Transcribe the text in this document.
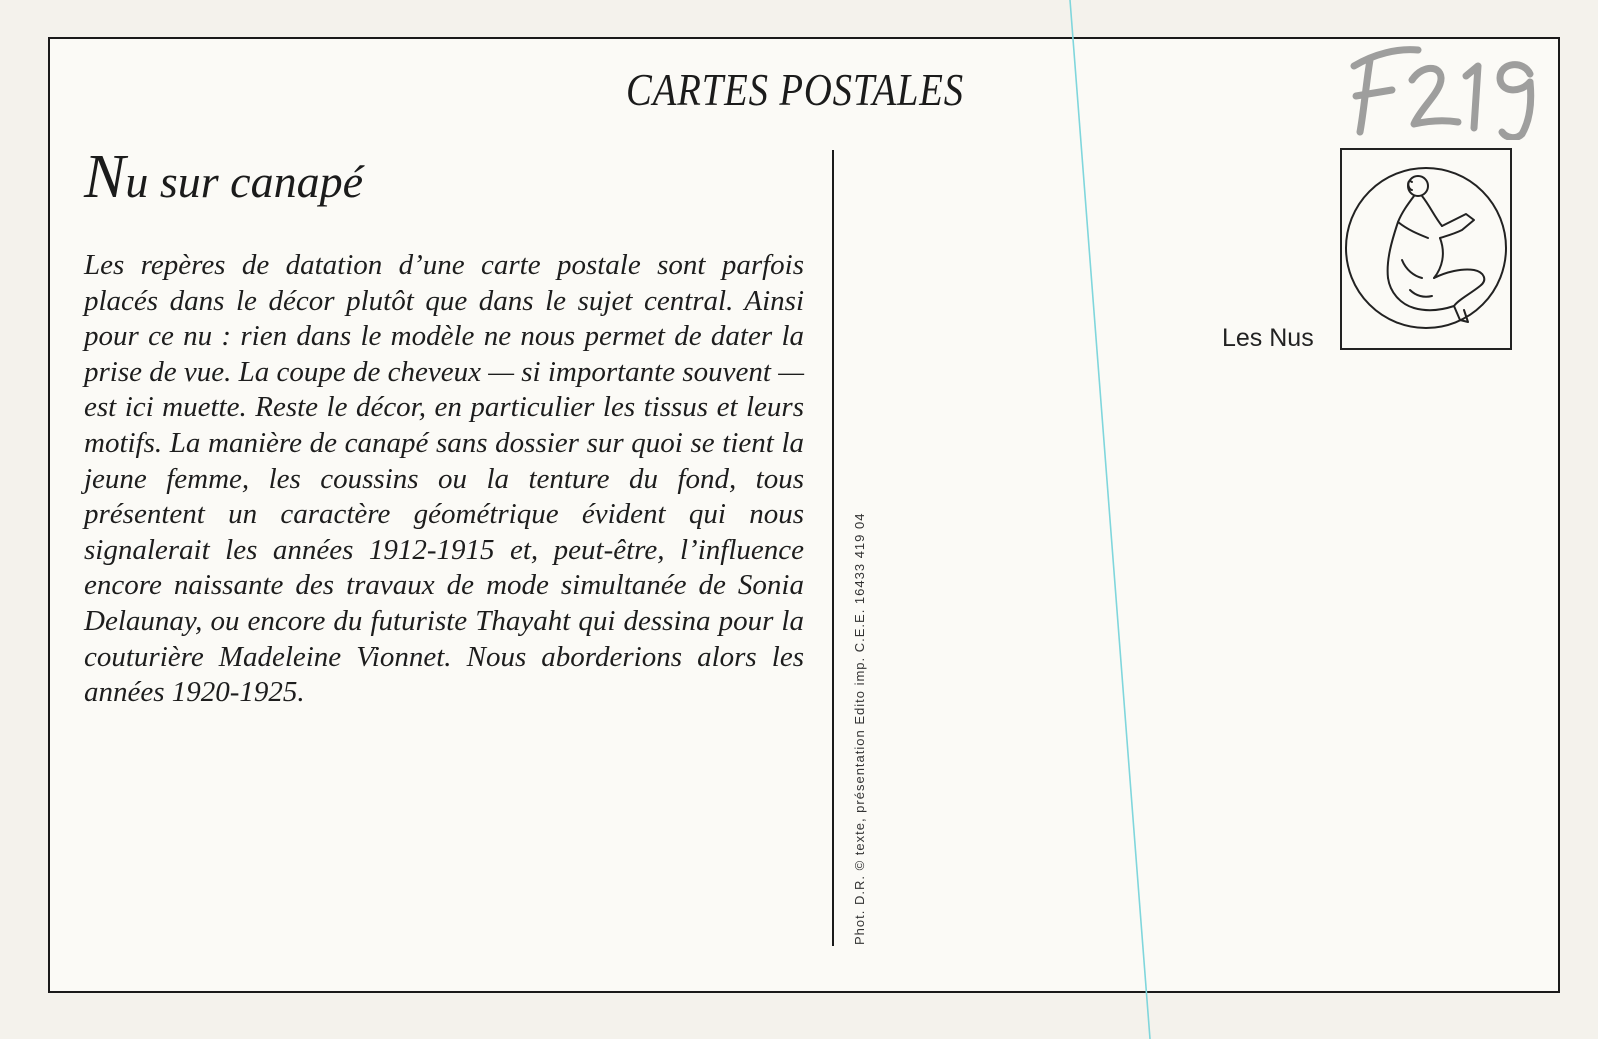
CARTES POSTALES
Nu sur canapé

Les repères de datation d’une carte postale sont parfois placés dans le décor plutôt que dans le sujet central. Ainsi pour ce nu : rien dans le modèle ne nous permet de dater la prise de vue. La coupe de cheveux — si importante souvent — est ici muette. Reste le décor, en particulier les tissus et leurs motifs. La manière de canapé sans dossier sur quoi se tient la jeune femme, les coussins ou la tenture du fond, tous présentent un caractère géométrique évident qui nous signalerait les années 1912-1915 et, peut-être, l’influence encore naissante des travaux de mode simultanée de Sonia Delaunay, ou encore du futuriste Thayaht qui dessina pour la couturière Madeleine Vionnet. Nous aborderions alors les années 1920-1925.	Phot. D.R. © texte, présentation Edito imp. C.E.E. 16433 419 04
Les Nus
